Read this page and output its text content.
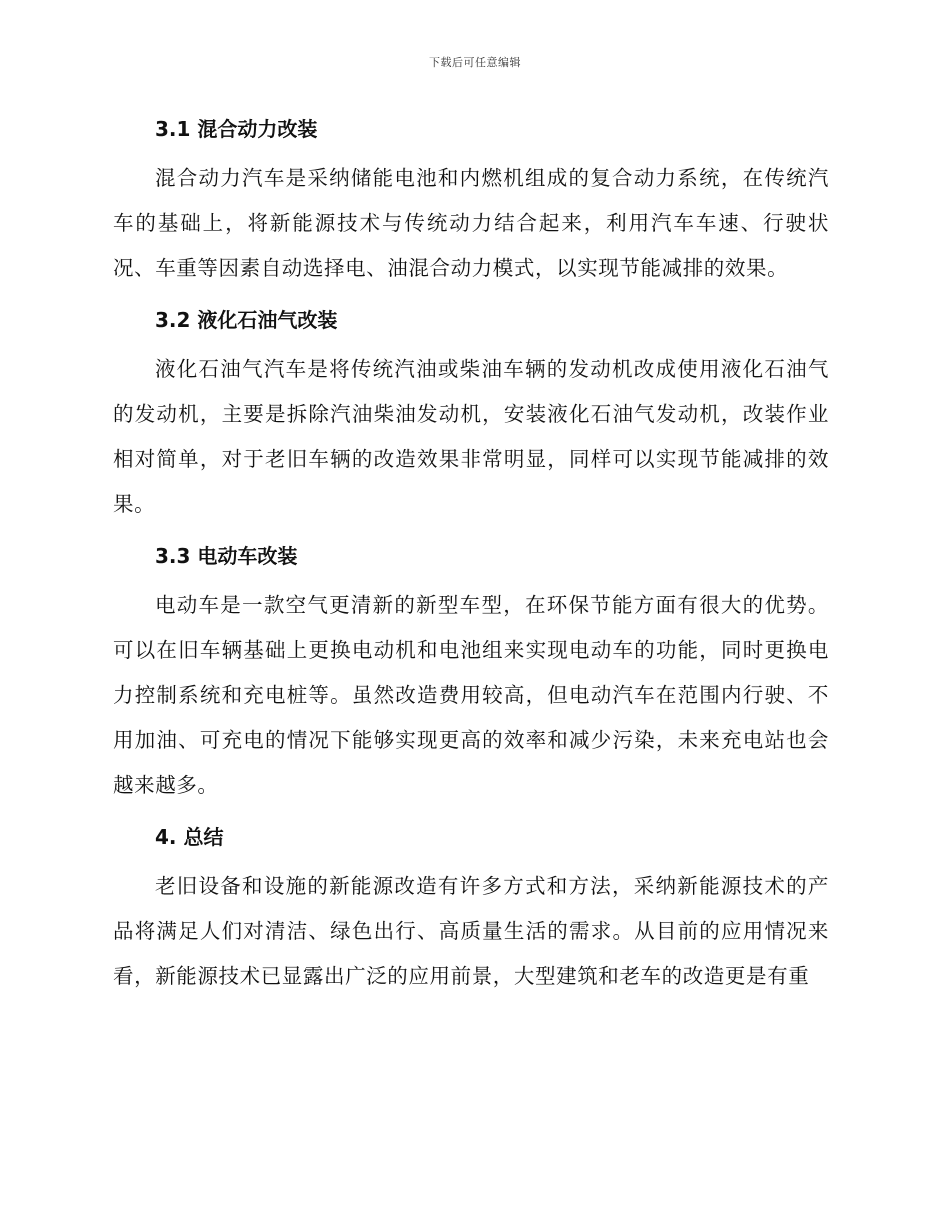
下载后可任意编辑
3.1 混合动力改装

混合动力汽车是采纳储能电池和内燃机组成的复合动力系统，在传统汽车的基础上，将新能源技术与传统动力结合起来，利用汽车车速、行驶状况、车重等因素自动选择电、油混合动力模式，以实现节能减排的效果。

3.2 液化石油气改装

液化石油气汽车是将传统汽油或柴油车辆的发动机改成使用液化石油气的发动机，主要是拆除汽油柴油发动机，安装液化石油气发动机，改装作业相对简单，对于老旧车辆的改造效果非常明显，同样可以实现节能减排的效果。

3.3 电动车改装

电动车是一款空气更清新的新型车型，在环保节能方面有很大的优势。可以在旧车辆基础上更换电动机和电池组来实现电动车的功能，同时更换电力控制系统和充电桩等。虽然改造费用较高，但电动汽车在范围内行驶、不用加油、可充电的情况下能够实现更高的效率和减少污染，未来充电站也会越来越多。

4. 总结

老旧设备和设施的新能源改造有许多方式和方法，采纳新能源技术的产品将满足人们对清洁、绿色出行、高质量生活的需求。从目前的应用情况来看，新能源技术已显露出广泛的应用前景，大型建筑和老车的改造更是有重
